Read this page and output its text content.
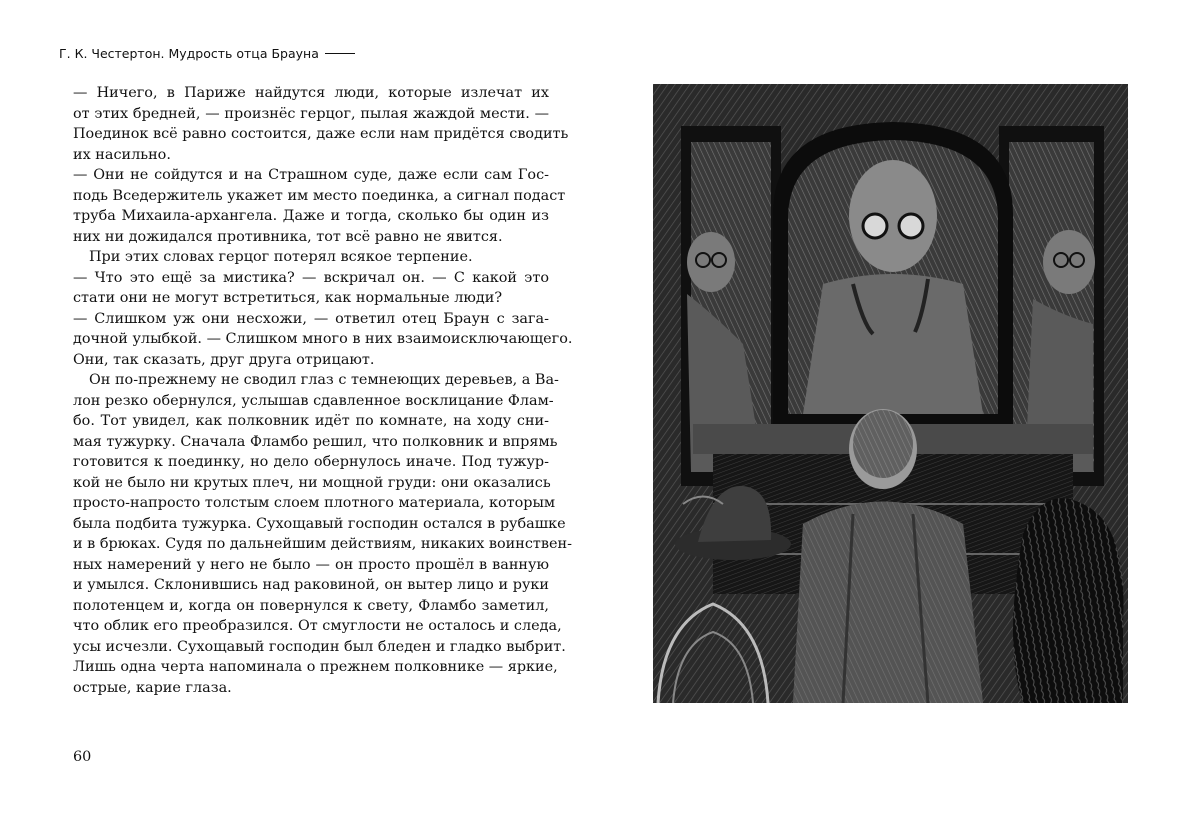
Г. К. Честертон. Мудрость отца Брауна
— Ничего, в Париже найдутся люди, которые излечат их
от этих бредней, — произнёс герцог, пылая жаждой мести. —
Поединок всё равно состоится, даже если нам придётся сводить
их насильно.
— Они не сойдутся и на Страшном суде, даже если сам Гос-
подь Вседержитель укажет им место поединка, а сигнал подаст
труба Михаила-архангела. Даже и тогда, сколько бы один из
них ни дожидался противника, тот всё равно не явится.
При этих словах герцог потерял всякое терпение.
— Что это ещё за мистика? — вскричал он. — С какой это
стати они не могут встретиться, как нормальные люди?
— Слишком уж они несхожи, — ответил отец Браун с зага-
дочной улыбкой. — Слишком много в них взаимоисключающего.
Они, так сказать, друг друга отрицают.
Он по-прежнему не сводил глаз с темнеющих деревьев, а Ва-
лон резко обернулся, услышав сдавленное восклицание Флам-
бо. Тот увидел, как полковник идёт по комнате, на ходу сни-
мая тужурку. Сначала Фламбо решил, что полковник и впрямь
готовится к поединку, но дело обернулось иначе. Под тужур-
кой не было ни крутых плеч, ни мощной груди: они оказались
просто-напросто толстым слоем плотного материала, которым
была подбита тужурка. Сухощавый господин остался в рубашке
и в брюках. Судя по дальнейшим действиям, никаких воинствен-
ных намерений у него не было — он просто прошёл в ванную
и умылся. Склонившись над раковиной, он вытер лицо и руки
полотенцем и, когда он повернулся к свету, Фламбо заметил,
что облик его преобразился. От смуглости не осталось и следа,
усы исчезли. Сухощавый господин был бледен и гладко выбрит.
Лишь одна черта напоминала о прежнем полковнике — яркие,
острые, карие глаза.
60
